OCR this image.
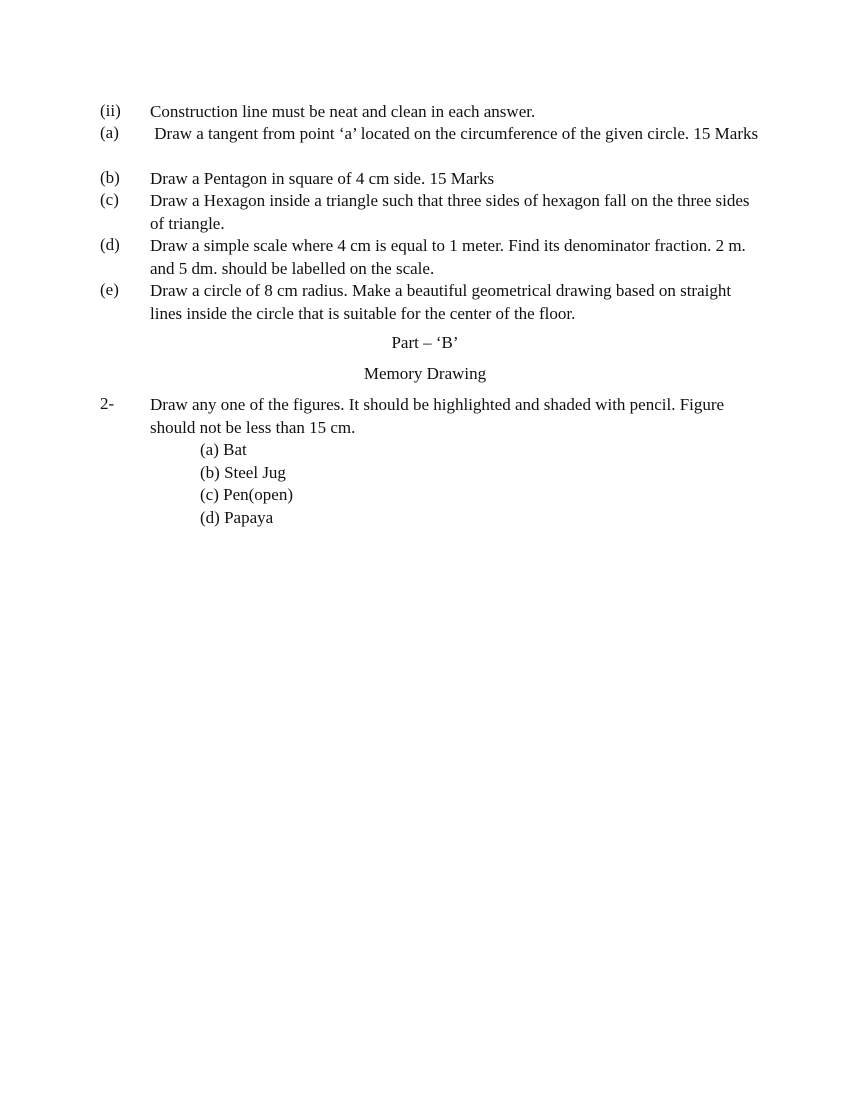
(ii) Construction line must be neat and clean in each answer.
(a) Draw a tangent from point ‘a’ located on the circumference of the given circle. 15 Marks
(b) Draw a Pentagon in square of 4 cm side. 15 Marks
(c) Draw a Hexagon inside a triangle such that three sides of hexagon fall on the three sides of triangle.
(d) Draw a simple scale where 4 cm is equal to 1 meter. Find its denominator fraction. 2 m. and 5 dm. should be labelled on the scale.
(e) Draw a circle of 8 cm radius. Make a beautiful geometrical drawing based on straight lines inside the circle that is suitable for the center of the floor.
Part – ‘B’
Memory Drawing
2- Draw any one of the figures. It should be highlighted and shaded with pencil. Figure should not be less than 15 cm.
(a) Bat
(b) Steel Jug
(c) Pen(open)
(d) Papaya
